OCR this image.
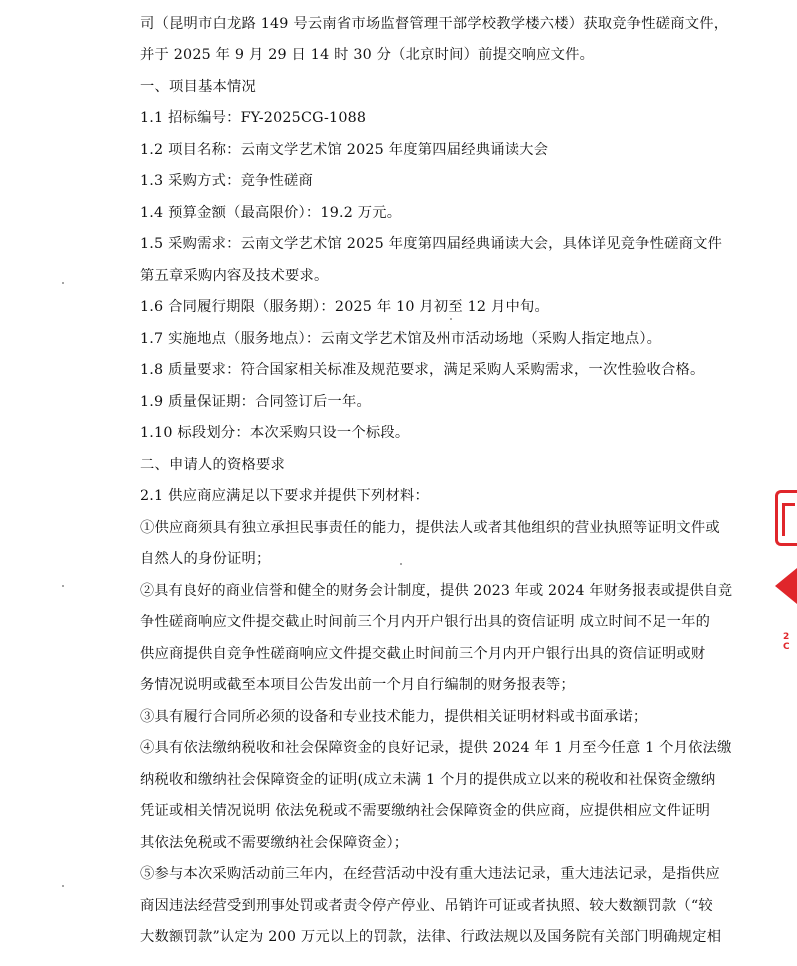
司（昆明市白龙路 149 号云南省市场监督管理干部学校教学楼六楼）获取竞争性磋商文件，
并于 2025 年 9 月 29 日 14 时 30 分（北京时间）前提交响应文件。
一、项目基本情况
1.1 招标编号：FY-2025CG-1088
1.2 项目名称：云南文学艺术馆 2025 年度第四届经典诵读大会
1.3 采购方式：竞争性磋商
1.4 预算金额（最高限价）：19.2 万元。
1.5 采购需求：云南文学艺术馆 2025 年度第四届经典诵读大会，具体详见竞争性磋商文件
第五章采购内容及技术要求。
1.6 合同履行期限（服务期）：2025 年 10 月初至 12 月中旬。
1.7 实施地点（服务地点）：云南文学艺术馆及州市活动场地（采购人指定地点）。
1.8 质量要求：符合国家相关标准及规范要求，满足采购人采购需求，一次性验收合格。
1.9 质量保证期：合同签订后一年。
1.10 标段划分：本次采购只设一个标段。
二、申请人的资格要求
2.1 供应商应满足以下要求并提供下列材料：
①供应商须具有独立承担民事责任的能力，提供法人或者其他组织的营业执照等证明文件或
自然人的身份证明；
②具有良好的商业信誉和健全的财务会计制度，提供 2023 年或 2024 年财务报表或提供自竞
争性磋商响应文件提交截止时间前三个月内开户银行出具的资信证明 成立时间不足一年的
供应商提供自竞争性磋商响应文件提交截止时间前三个月内开户银行出具的资信证明或财
务情况说明或截至本项目公告发出前一个月自行编制的财务报表等；
③具有履行合同所必须的设备和专业技术能力，提供相关证明材料或书面承诺；
④具有依法缴纳税收和社会保障资金的良好记录，提供 2024 年 1 月至今任意 1 个月依法缴
纳税收和缴纳社会保障资金的证明(成立未满 1 个月的提供成立以来的税收和社保资金缴纳
凭证或相关情况说明 依法免税或不需要缴纳社会保障资金的供应商，应提供相应文件证明
其依法免税或不需要缴纳社会保障资金）；
⑤参与本次采购活动前三年内，在经营活动中没有重大违法记录，重大违法记录，是指供应
商因违法经营受到刑事处罚或者责令停产停业、吊销许可证或者执照、较大数额罚款（“较
大数额罚款”认定为 200 万元以上的罚款，法律、行政法规以及国务院有关部门明确规定相
2C
